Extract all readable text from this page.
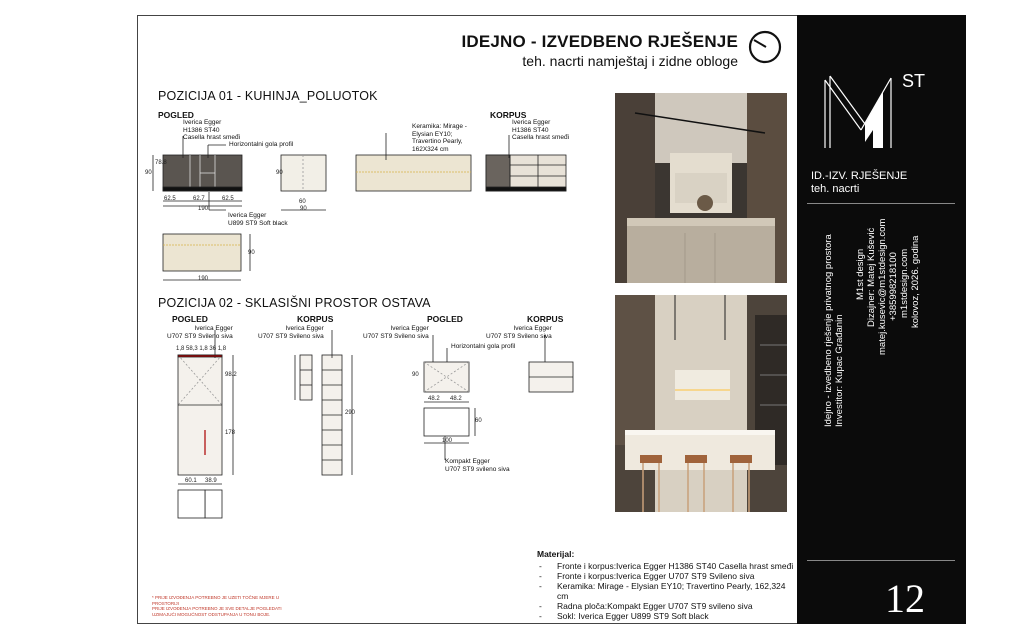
IDEJNO - IZVEDBENO RJEŠENJE
teh. nacrti namještaj i zidne obloge
ST
ID.-IZV. RJEŠENJE
teh. nacrti
Idejno - izvedbeno rješenje privatnog prostora Investitor: Kupac Građanin
M1st design Dizajner: Matej Kušević matej.kusevic@m1stdesign.com +385998218100 m1stdesign.com kolovoz, 2026. godina
12
POZICIJA 01 - KUHINJA_POLUOTOK
POGLED	KORPUS
Iverica Egger
H1386 ST40
Casella hrast smeđi
Horizontalni gola profil
Iverica Egger
U899 ST9 Soft black
Keramika: Mirage -
Elysian EY10;
Travertino Pearly,
162X324 cm
Iverica Egger
H1386 ST40
Casella hrast smeđi
POZICIJA 02 - SKLASIŠNI PROSTOR OSTAVA
POGLED	KORPUS	POGLED	KORPUS
Iverica Egger
U707 ST9 Svileno siva
Iverica Egger
U707 ST9 Svileno siva
Iverica Egger
U707 ST9 Svileno siva
Iverica Egger
U707 ST9 Svileno siva
Horizontalni gola profil
Kompakt Egger
U707 ST9 svileno siva
62.5	62.7	62.5
190
90
78.8
60
90
90
190
90
1,8 58,3 1,8 36 1,8
98.2
178
60.1 38.9
290
48.2 48.2
100
60
90
Materijal:
- Fronte i korpus:Iverica Egger H1386 ST40 Casella hrast smeđi
- Fronte i korpus:Iverica Egger U707 ST9 Svileno siva
- Keramika: Mirage - Elysian EY10; Travertino Pearly, 162,324 cm
- Radna ploča:Kompakt Egger U707 ST9 svileno siva
- Sokl: Iverica Egger U899 ST9 Soft black
* PRIJE IZVOĐENJA POTREBNO JE UZETI TOČNE MJERE U PROSTORIJI
PRIJE IZVOĐENJA POTREBNO JE SVE DETALJE POGLEDATI
UZIMAJUĆI MOGUĆNOST ODSTUPANJA U TONU BOJE.
